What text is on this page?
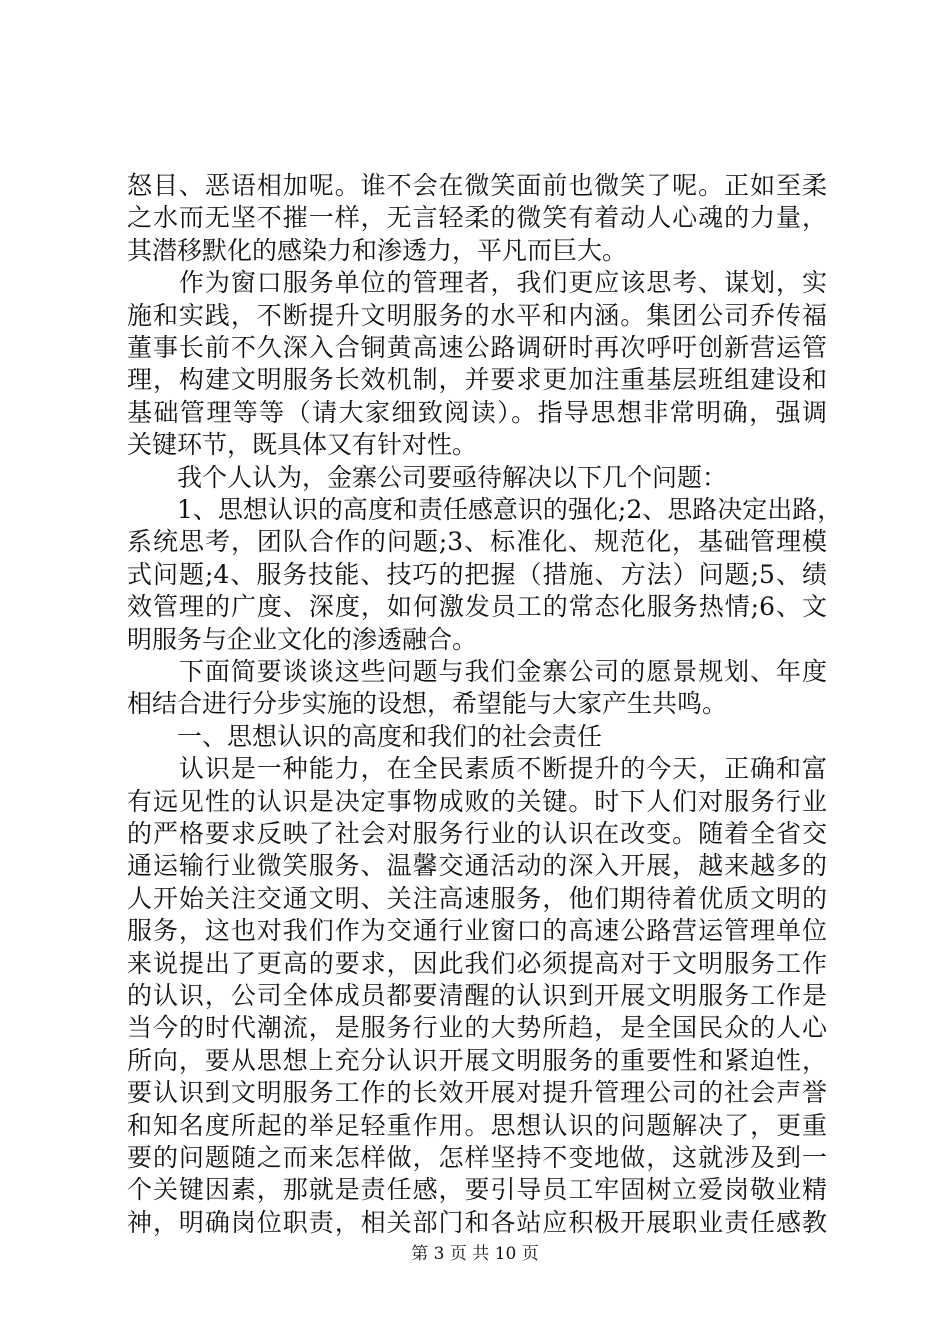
怒目、恶语相加呢。谁不会在微笑面前也微笑了呢。正如至柔
之水而无坚不摧一样，无言轻柔的微笑有着动人心魂的力量，
其潜移默化的感染力和渗透力，平凡而巨大。
　　作为窗口服务单位的管理者，我们更应该思考、谋划，实
施和实践，不断提升文明服务的水平和内涵。集团公司乔传福
董事长前不久深入合铜黄高速公路调研时再次呼吁创新营运管
理，构建文明服务长效机制，并要求更加注重基层班组建设和
基础管理等等（请大家细致阅读）。指导思想非常明确，强调
关键环节，既具体又有针对性。
　　我个人认为，金寨公司要亟待解决以下几个问题：
　　1、思想认识的高度和责任感意识的强化;2、思路决定出路，
系统思考，团队合作的问题;3、标准化、规范化，基础管理模
式问题;4、服务技能、技巧的把握（措施、方法）问题;5、绩
效管理的广度、深度，如何激发员工的常态化服务热情;6、文
明服务与企业文化的渗透融合。
　　下面简要谈谈这些问题与我们金寨公司的愿景规划、年度
相结合进行分步实施的设想，希望能与大家产生共鸣。
　　一、思想认识的高度和我们的社会责任
　　认识是一种能力，在全民素质不断提升的今天，正确和富
有远见性的认识是决定事物成败的关键。时下人们对服务行业
的严格要求反映了社会对服务行业的认识在改变。随着全省交
通运输行业微笑服务、温馨交通活动的深入开展，越来越多的
人开始关注交通文明、关注高速服务，他们期待着优质文明的
服务，这也对我们作为交通行业窗口的高速公路营运管理单位
来说提出了更高的要求，因此我们必须提高对于文明服务工作
的认识，公司全体成员都要清醒的认识到开展文明服务工作是
当今的时代潮流，是服务行业的大势所趋，是全国民众的人心
所向，要从思想上充分认识开展文明服务的重要性和紧迫性，
要认识到文明服务工作的长效开展对提升管理公司的社会声誉
和知名度所起的举足轻重作用。思想认识的问题解决了，更重
要的问题随之而来怎样做，怎样坚持不变地做，这就涉及到一
个关键因素，那就是责任感，要引导员工牢固树立爱岗敬业精
神，明确岗位职责，相关部门和各站应积极开展职业责任感教
第 3 页 共 10 页
